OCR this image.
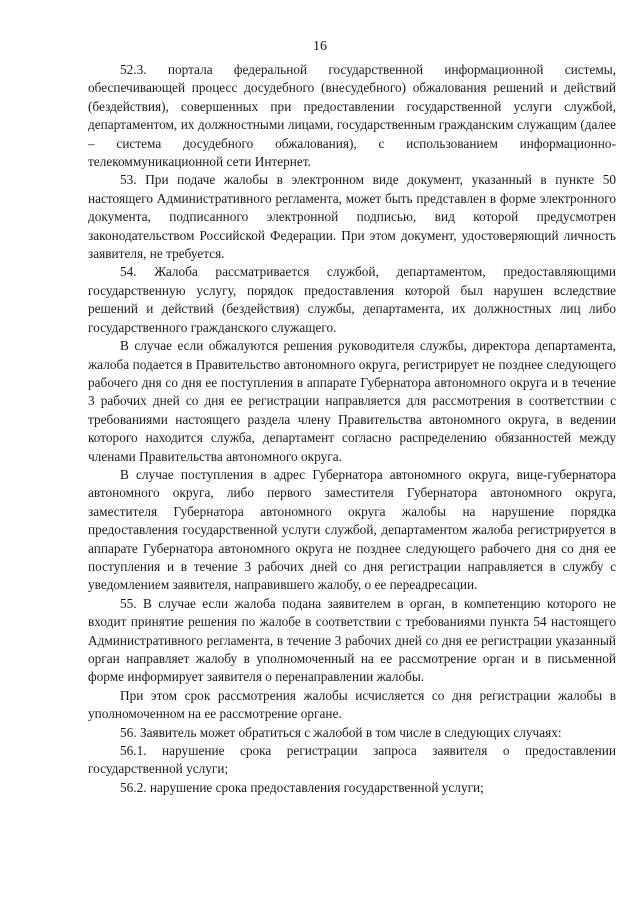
16

52.3. портала федеральной государственной информационной системы, обеспечивающей процесс досудебного (внесудебного) обжалования решений и действий (бездействия), совершенных при предоставлении государственной услуги службой, департаментом, их должностными лицами, государственным гражданским служащим (далее – система досудебного обжалования), с использованием информационно-телекоммуникационной сети Интернет.

53. При подаче жалобы в электронном виде документ, указанный в пункте 50 настоящего Административного регламента, может быть представлен в форме электронного документа, подписанного электронной подписью, вид которой предусмотрен законодательством Российской Федерации. При этом документ, удостоверяющий личность заявителя, не требуется.

54. Жалоба рассматривается службой, департаментом, предоставляющими государственную услугу, порядок предоставления которой был нарушен вследствие решений и действий (бездействия) службы, департамента, их должностных лиц либо государственного гражданского служащего.

В случае если обжалуются решения руководителя службы, директора департамента, жалоба подается в Правительство автономного округа, регистрирует не позднее следующего рабочего дня со дня ее поступления в аппарате Губернатора автономного округа и в течение 3 рабочих дней со дня ее регистрации направляется для рассмотрения в соответствии с требованиями настоящего раздела члену Правительства автономного округа, в ведении которого находится служба, департамент согласно распределению обязанностей между членами Правительства автономного округа.

В случае поступления в адрес Губернатора автономного округа, вице-губернатора автономного округа, либо первого заместителя Губернатора автономного округа, заместителя Губернатора автономного округа жалобы на нарушение порядка предоставления государственной услуги службой, департаментом жалоба регистрируется в аппарате Губернатора автономного округа не позднее следующего рабочего дня со дня ее поступления и в течение 3 рабочих дней со дня регистрации направляется в службу с уведомлением заявителя, направившего жалобу, о ее переадресации.

55. В случае если жалоба подана заявителем в орган, в компетенцию которого не входит принятие решения по жалобе в соответствии с требованиями пункта 54 настоящего Административного регламента, в течение 3 рабочих дней со дня ее регистрации указанный орган направляет жалобу в уполномоченный на ее рассмотрение орган и в письменной форме информирует заявителя о перенаправлении жалобы.

При этом срок рассмотрения жалобы исчисляется со дня регистрации жалобы в уполномоченном на ее рассмотрение органе.

56. Заявитель может обратиться с жалобой в том числе в следующих случаях:

56.1. нарушение срока регистрации запроса заявителя о предоставлении государственной услуги;

56.2. нарушение срока предоставления государственной услуги;
